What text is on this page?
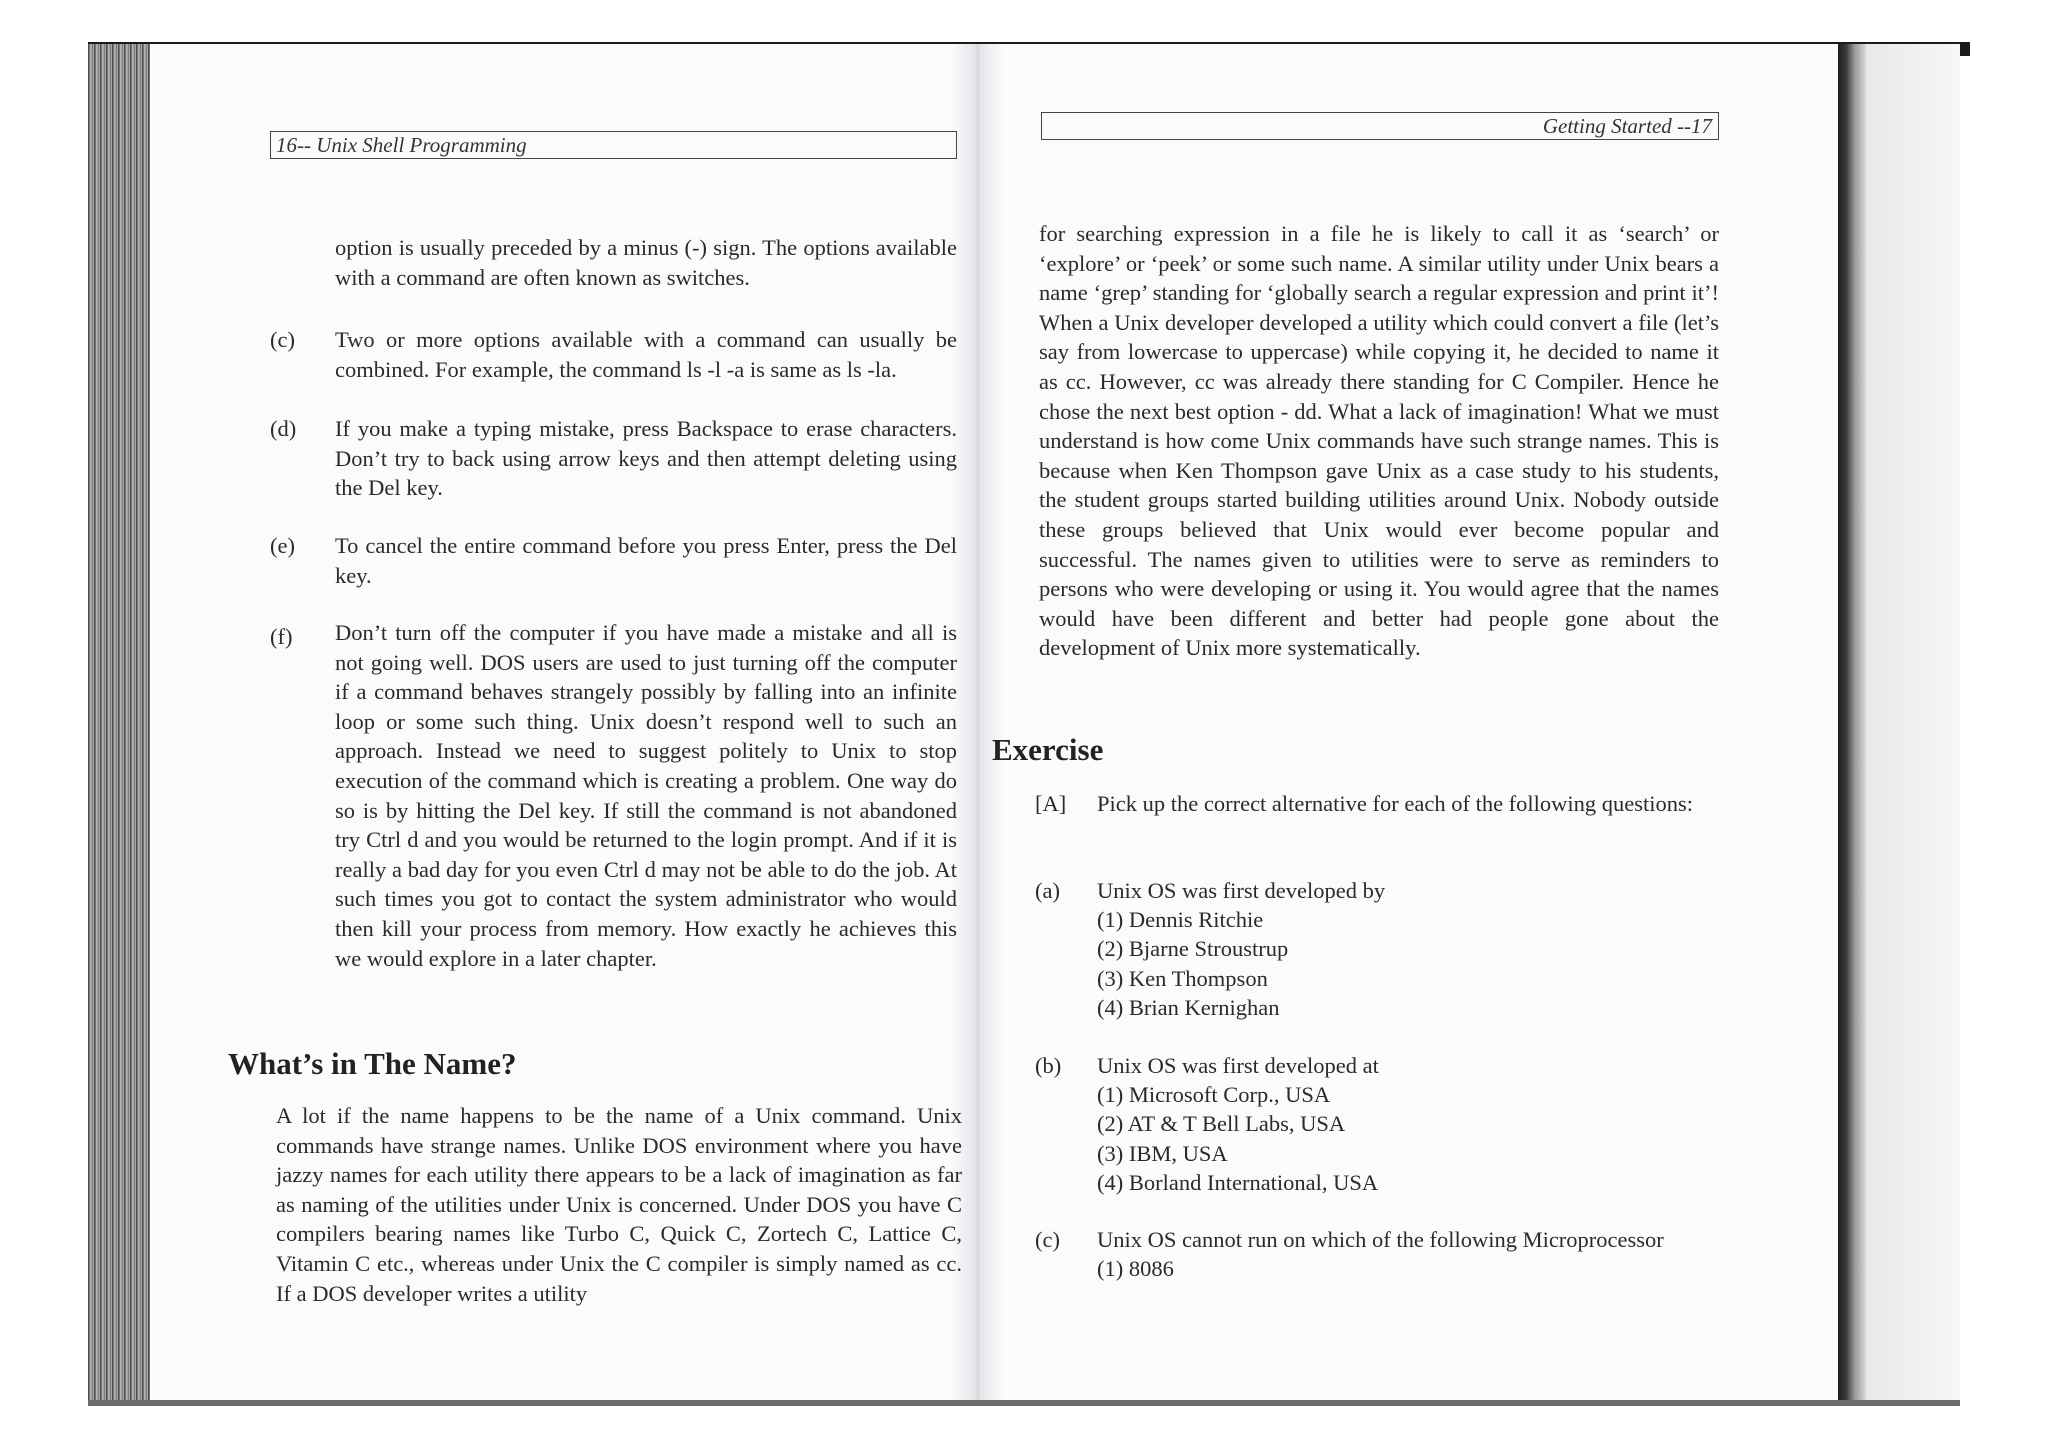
16-- Unix Shell Programming
option is usually preceded by a minus (-) sign. The options available with a command are often known as switches.
(c) Two or more options available with a command can usually be combined. For example, the command ls -l -a is same as ls -la.
(d) If you make a typing mistake, press Backspace to erase characters. Don’t try to back using arrow keys and then attempt deleting using the Del key.
(e) To cancel the entire command before you press Enter, press the Del key.
(f) Don’t turn off the computer if you have made a mistake and all is not going well. DOS users are used to just turning off the computer if a command behaves strangely possibly by falling into an infinite loop or some such thing. Unix doesn’t respond well to such an approach. Instead we need to suggest politely to Unix to stop execution of the command which is creating a problem. One way do so is by hitting the Del key. If still the command is not abandoned try Ctrl d and you would be returned to the login prompt. And if it is really a bad day for you even Ctrl d may not be able to do the job. At such times you got to contact the system administrator who would then kill your process from memory. How exactly he achieves this we would explore in a later chapter.
What’s in The Name?
A lot if the name happens to be the name of a Unix command. Unix commands have strange names. Unlike DOS environment where you have jazzy names for each utility there appears to be a lack of imagination as far as naming of the utilities under Unix is concerned. Under DOS you have C compilers bearing names like Turbo C, Quick C, Zortech C, Lattice C, Vitamin C etc., whereas under Unix the C compiler is simply named as cc. If a DOS developer writes a utility
Getting Started --17
for searching expression in a file he is likely to call it as ‘search’ or ‘explore’ or ‘peek’ or some such name. A similar utility under Unix bears a name ‘grep’ standing for ‘globally search a regular expression and print it’! When a Unix developer developed a utility which could convert a file (let’s say from lowercase to uppercase) while copying it, he decided to name it as cc. However, cc was already there standing for C Compiler. Hence he chose the next best option - dd. What a lack of imagination! What we must understand is how come Unix commands have such strange names. This is because when Ken Thompson gave Unix as a case study to his students, the student groups started building utilities around Unix. Nobody outside these groups believed that Unix would ever become popular and successful. The names given to utilities were to serve as reminders to persons who were developing or using it. You would agree that the names would have been different and better had people gone about the development of Unix more systematically.
Exercise
[A] Pick up the correct alternative for each of the following questions:
(a) Unix OS was first developed by
(1) Dennis Ritchie
(2) Bjarne Stroustrup
(3) Ken Thompson
(4) Brian Kernighan
(b) Unix OS was first developed at
(1) Microsoft Corp., USA
(2) AT & T Bell Labs, USA
(3) IBM, USA
(4) Borland International, USA
(c) Unix OS cannot run on which of the following Microprocessor
(1) 8086
